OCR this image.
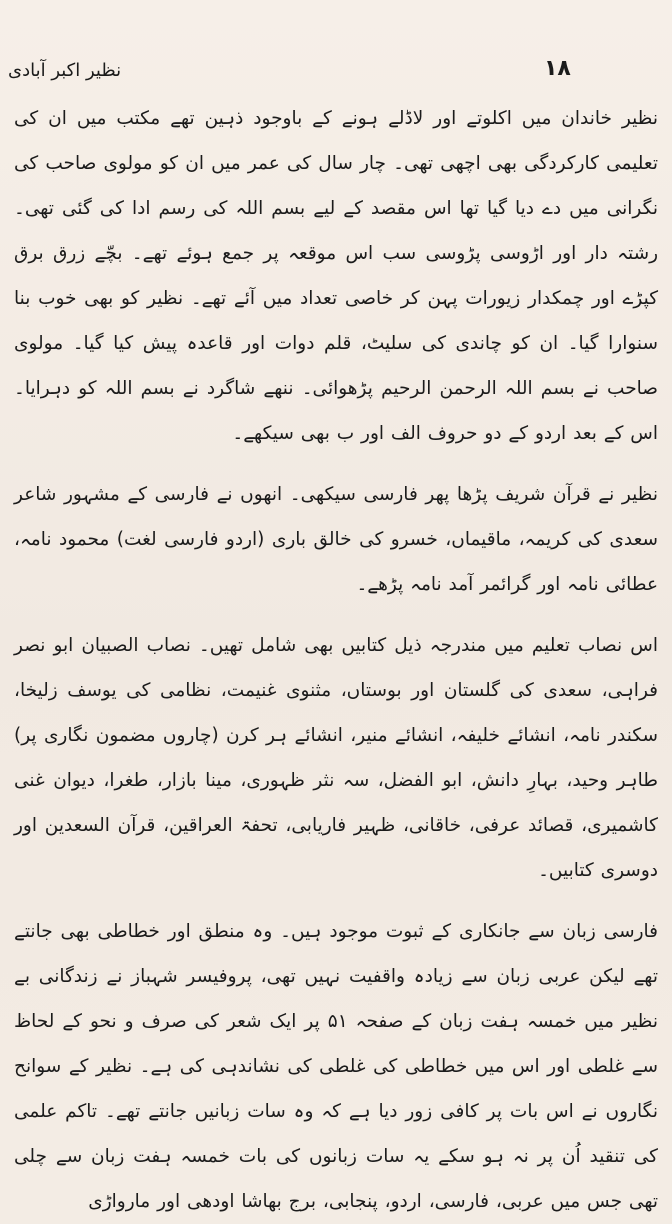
۱۸
نظیر اکبر آبادی

نظیر خاندان میں اکلوتے اور لاڈلے ہونے کے باوجود ذہین تھے مکتب میں ان کی تعلیمی کارکردگی بھی اچھی تھی۔ چار سال کی عمر میں ان کو مولوی صاحب کی نگرانی میں دے دیا گیا تھا اس مقصد کے لیے بسم اللہ کی رسم ادا کی گئی تھی۔ رشتہ دار اور اڑوسی پڑوسی سب اس موقعہ پر جمع ہوئے تھے۔ بچّے زرق برق کپڑے اور چمکدار زیورات پہن کر خاصی تعداد میں آئے تھے۔ نظیر کو بھی خوب بنا سنوارا گیا۔ ان کو چاندی کی سلیٹ، قلم دوات اور قاعدہ پیش کیا گیا۔ مولوی صاحب نے بسم اللہ الرحمن الرحیم پڑھوائی۔ ننھے شاگرد نے بسم اللہ کو دہرایا۔ اس کے بعد اردو کے دو حروف الف اور ب بھی سیکھے۔

نظیر نے قرآن شریف پڑھا پھر فارسی سیکھی۔ انھوں نے فارسی کے مشہور شاعر سعدی کی کریمہ، ماقیماں، خسرو کی خالق باری (اردو فارسی لغت) محمود نامہ، عطائی نامہ اور گرائمر آمد نامہ پڑھے۔

اس نصاب تعلیم میں مندرجہ ذیل کتابیں بھی شامل تھیں۔ نصاب الصبیان ابو نصر فراہی، سعدی کی گلستان اور بوستاں، مثنوی غنیمت، نظامی کی یوسف زلیخا، سکندر نامہ، انشائے خلیفہ، انشائے منیر، انشائے ہر کرن (چاروں مضمون نگاری پر) طاہر وحید، بہارِ دانش، ابو الفضل، سہ نثر ظہوری، مینا بازار، طغرا، دیوان غنی کاشمیری، قصائد عرفی، خاقانی، ظہیر فاریابی، تحفۃ العراقین، قرآن السعدین اور دوسری کتابیں۔

فارسی زبان سے جانکاری کے ثبوت موجود ہیں۔ وہ منطق اور خطاطی بھی جانتے تھے لیکن عربی زبان سے زیادہ واقفیت نہیں تھی، پروفیسر شہباز نے زندگانی بے نظیر میں خمسہ ہفت زبان کے صفحہ ۵۱ پر ایک شعر کی صرف و نحو کے لحاظ سے غلطی اور اس میں خطاطی کی غلطی کی نشاندہی کی ہے۔ نظیر کے سوانح نگاروں نے اس بات پر کافی زور دیا ہے کہ وہ سات زبانیں جانتے تھے۔ تاکم علمی کی تنقید اُن پر نہ ہو سکے یہ سات زبانوں کی بات خمسہ ہفت زبان سے چلی تھی جس میں عربی، فارسی، اردو، پنجابی، برج بھاشا اودھی اور مارواڑی
